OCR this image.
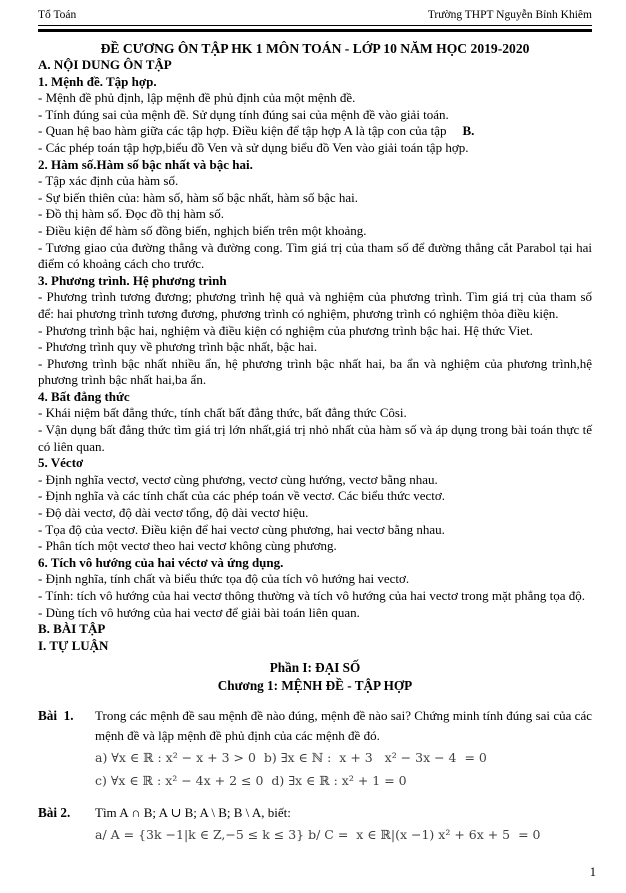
Tổ Toán	Trường THPT Nguyễn Bỉnh Khiêm
ĐỀ CƯƠNG ÔN TẬP HK 1 MÔN TOÁN - LỚP 10 NĂM HỌC 2019-2020
A. NỘI DUNG ÔN TẬP
1. Mệnh đề. Tập hợp.
- Mệnh đề phủ định, lập mệnh đề phủ định của một mệnh đề.
- Tính đúng sai của mệnh đề. Sử dụng tính đúng sai của mệnh đề vào giải toán.
- Quan hệ bao hàm giữa các tập hợp. Điều kiện để tập hợp A là tập con của tập B.
- Các phép toán tập hợp,biểu đồ Ven và sử dụng biểu đồ Ven vào giải toán tập hợp.
2. Hàm số.Hàm số bậc nhất và bậc hai.
- Tập xác định của hàm số.
- Sự biến thiên của: hàm số, hàm số bậc nhất, hàm số bậc hai.
- Đồ thị hàm số. Đọc đồ thị hàm số.
- Điều kiện để hàm số đồng biến, nghịch biến trên một khoảng.
- Tương giao của đường thẳng và đường cong. Tìm giá trị của tham số để đường thẳng cắt Parabol tại hai điểm có khoảng cách cho trước.
3. Phương trình. Hệ phương trình
- Phương trình tương đương; phương trình hệ quả và nghiệm của phương trình. Tìm giá trị của tham số để: hai phương trình tương đương, phương trình có nghiệm, phương trình có nghiệm thỏa điều kiện.
- Phương trình bậc hai, nghiệm và điều kiện có nghiệm của phương trình bậc hai. Hệ thức Viet.
- Phương trình quy về phương trình bậc nhất, bậc hai.
- Phương trình bậc nhất nhiều ẩn, hệ phương trình bậc nhất hai, ba ẩn và nghiệm của phương trình,hệ phương trình bậc nhất hai,ba ẩn.
4. Bất đẳng thức
- Khái niệm bất đẳng thức, tính chất bất đẳng thức, bất đẳng thức Côsi.
- Vận dụng bất đẳng thức tìm giá trị lớn nhất,giá trị nhỏ nhất của hàm số và áp dụng trong bài toán thực tế có liên quan.
5. Véctơ
- Định nghĩa vectơ, vectơ cùng phương, vectơ cùng hướng, vectơ bằng nhau.
- Định nghĩa và các tính chất của các phép toán về vectơ. Các biểu thức vectơ.
- Độ dài vectơ, độ dài vectơ tổng, độ dài vectơ hiệu.
- Tọa độ của vectơ. Điều kiện để hai vectơ cùng phương, hai vectơ bằng nhau.
- Phân tích một vectơ theo hai vectơ không cùng phương.
6. Tích vô hướng của hai véctơ và ứng dụng.
- Định nghĩa, tính chất và biểu thức tọa độ của tích vô hướng hai vectơ.
- Tính: tích vô hướng của hai vectơ thông thường và tích vô hướng của hai vectơ trong mặt phẳng tọa độ.
- Dùng tích vô hướng của hai vectơ để giải bài toán liên quan.
B. BÀI TẬP
I. TỰ LUẬN
Phần I: ĐẠI SỐ
Chương 1: MỆNH ĐỀ - TẬP HỢP
Bài  1.	Trong các mệnh đề sau mệnh đề nào đúng, mệnh đề nào sai? Chứng minh tính đúng sai của các mệnh đề và lập mệnh đề phủ định của các mệnh đề đó.
a) ∀x ∈ ℝ : x² − x + 3 > 0  b) ∃x ∈ ℕ :  x + 3   x² − 3x − 4  = 0
c) ∀x ∈ ℝ : x² − 4x + 2 ≤ 0  d) ∃x ∈ ℝ : x² + 1 = 0
Bài 2.	Tìm A ∩ B; A ∪ B; A \ B; B \ A, biết:
a/ A = {3k −1|k ∈ Z,−5 ≤ k ≤ 3} b/ C =  x ∈ ℝ|(x −1) x² + 6x + 5  = 0
1
